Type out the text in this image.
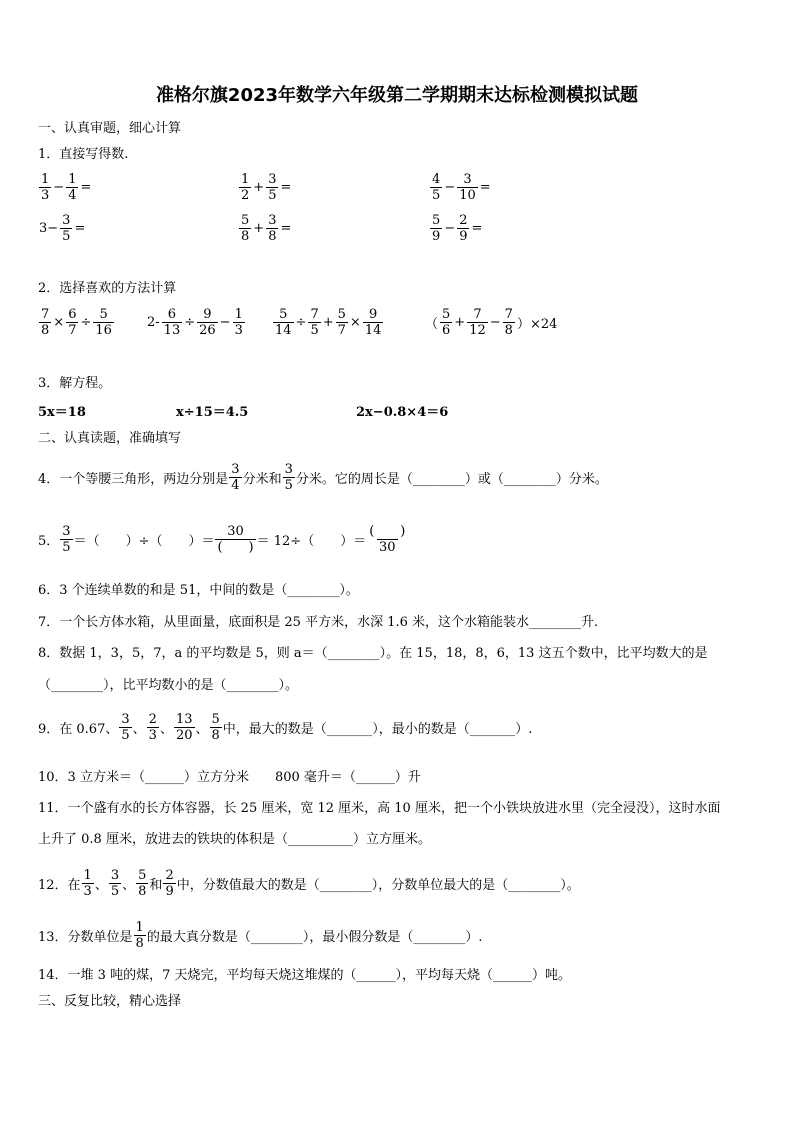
准格尔旗2023年数学六年级第二学期期末达标检测模拟试题
一、认真审题，细心计算
1．直接写得数.
$\frac{1}{3} - \frac{1}{4}$ =	$\frac{1}{2} + \frac{3}{5}$ =	$\frac{4}{5} - \frac{3}{10}$ =
$3- \frac{3}{5}$ =	$\frac{5}{8} + \frac{3}{8}$ =	$\frac{5}{9} - \frac{2}{9}$ =
2．选择喜欢的方法计算
$\frac{7}{8} \times \frac{6}{7} \div \frac{5}{16}$	$2- \frac{6}{13} \div \frac{9}{26} - \frac{1}{3} \frac{5}{14} \div \frac{7}{5} + \frac{5}{7} \times \frac{9}{14}$	（ $\frac{5}{6} + \frac{7}{12} - \frac{7}{8} )\times 24$
3．解方程。
5x＝18	x÷15＝4.5	2x−0.8×4＝6
二、认真读题，准确填写
4．一个等腰三角形，两边分别是 $\frac{3}{4}$ 分米和 $\frac{3}{5}$ 分米。它的周长是（________）或（________）分米。
5． $\frac{3}{5}$ ＝（　　）÷（　　）＝ $\frac{30}{( )} = 12\div$（　　）＝ $\frac{( )}{30}$
6．3 个连续单数的和是 51，中间的数是（________）。
7．一个长方体水箱，从里面量，底面积是 25 平方米，水深 1.6 米，这个水箱能装水________升.
8．数据 1，3，5，7，a 的平均数是 5，则 a＝（________）。在 15，18，8，6，13 这五个数中，比平均数大的是
（________），比平均数小的是（________）。
9．在 0.67、 $\frac{3}{5}$ 、 $\frac{2}{3}$ 、 $\frac{13}{20}$ 、 $\frac{5}{8}$ 中，最大的数是（_______），最小的数是（_______）.
10．3 立方米＝（______）立方分米　　800 毫升＝（______）升
11．一个盛有水的长方体容器，长 25 厘米，宽 12 厘米，高 10 厘米，把一个小铁块放进水里（完全浸没），这时水面
上升了 0.8 厘米，放进去的铁块的体积是（__________）立方厘米。
12．在 $\frac{1}{3}$ 、 $\frac{3}{5}$ 、 $\frac{5}{8}$ 和 $\frac{2}{9}$ 中，分数值最大的数是（________），分数单位最大的是（________）。
13．分数单位是 $\frac{1}{8}$ 的最大真分数是（________），最小假分数是（________）.
14．一堆 3 吨的煤，7 天烧完，平均每天烧这堆煤的（______），平均每天烧（______）吨。
三、反复比较，精心选择
